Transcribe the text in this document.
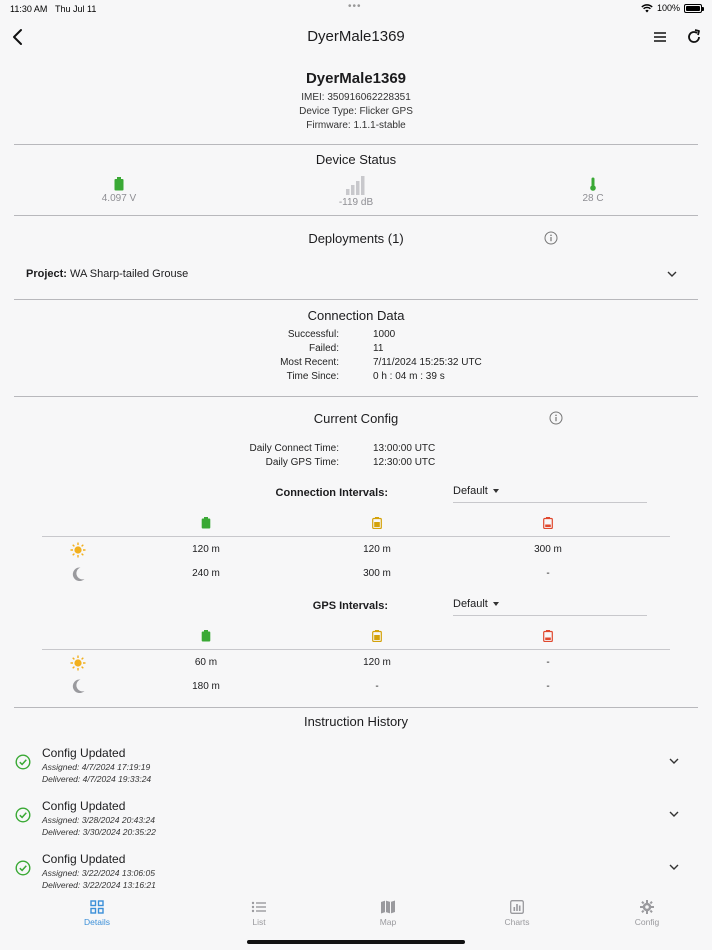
11:30 AM Thu Jul 11	•••	100%
DyerMale1369
DyerMale1369
IMEI: 350916062228351
Device Type: Flicker GPS
Firmware: 1.1.1-stable
Device Status
4.097 V	-119 dB	28 C
Deployments (1)
Project: WA Sharp-tailed Grouse
Connection Data
Successful:	1000
Failed:	11
Most Recent:	7/11/2024 15:25:32 UTC
Time Since:	0 h : 04 m : 39 s
Current Config
Daily Connect Time:	13:00:00 UTC
Daily GPS Time:	12:30:00 UTC
Connection Intervals:	Default
120 m	120 m	300 m
240 m	300 m	-
GPS Intervals:	Default
60 m	120 m	-
180 m	-	-
Instruction History
Config Updated
Assigned: 4/7/2024 17:19:19
Delivered: 4/7/2024 19:33:24
Config Updated
Assigned: 3/28/2024 20:43:24
Delivered: 3/30/2024 20:35:22
Config Updated
Assigned: 3/22/2024 13:06:05
Delivered: 3/22/2024 13:16:21
Details	List	Map	Charts	Config
